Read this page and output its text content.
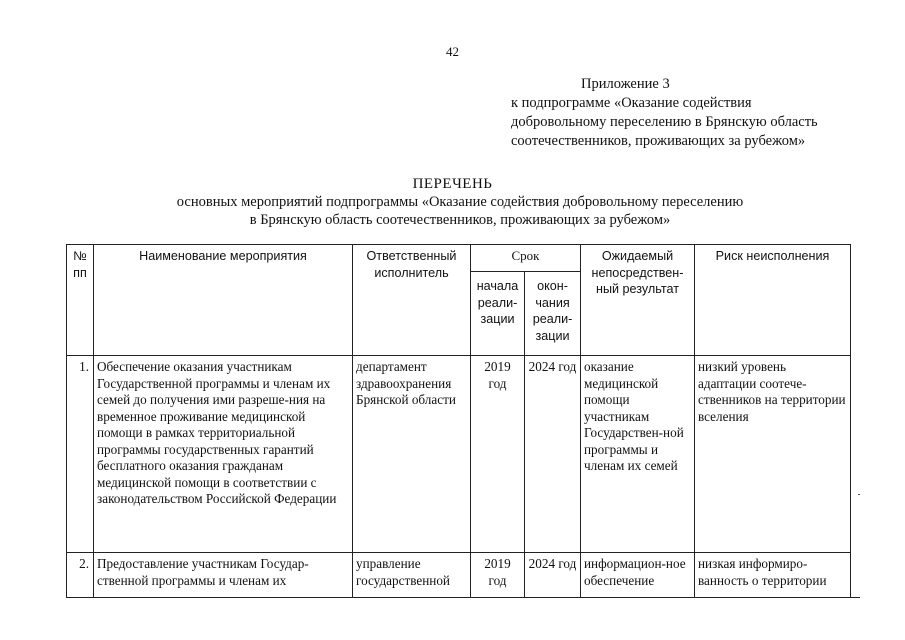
42
Приложение 3
к подпрограмме «Оказание содействия
добровольному переселению в Брянскую область
соотечественников, проживающих за рубежом»
ПЕРЕЧЕНЬ
основных мероприятий подпрограммы «Оказание содействия добровольному переселению
в Брянскую область соотечественников, проживающих за рубежом»
№ пп	Наименование мероприятия	Ответственный исполнитель	Срок		Ожидаемый непосредствен-ный результат	Риск неисполнения
			начала реали-зации	окон-чания реали-зации		
1.	Обеспечение оказания участникам Государственной программы и членам их семей до получения ими разреше-ния на временное проживание медицинской помощи в рамках территориальной программы государственных гарантий бесплатного оказания гражданам медицинской помощи в соответствии с законодательством Российской Федерации	департамент здравоохранения Брянской области	2019 год	2024 год	оказание медицинской помощи участникам Государствен-ной программы и членам их семей	низкий уровень адаптации соотече-ственников на территории вселения
2.	Предоставление участникам Государ-ственной программы и членам их	управление государственной	2019 год	2024 год	информацион-ное обеспечение	низкая информиро-ванность о территории
